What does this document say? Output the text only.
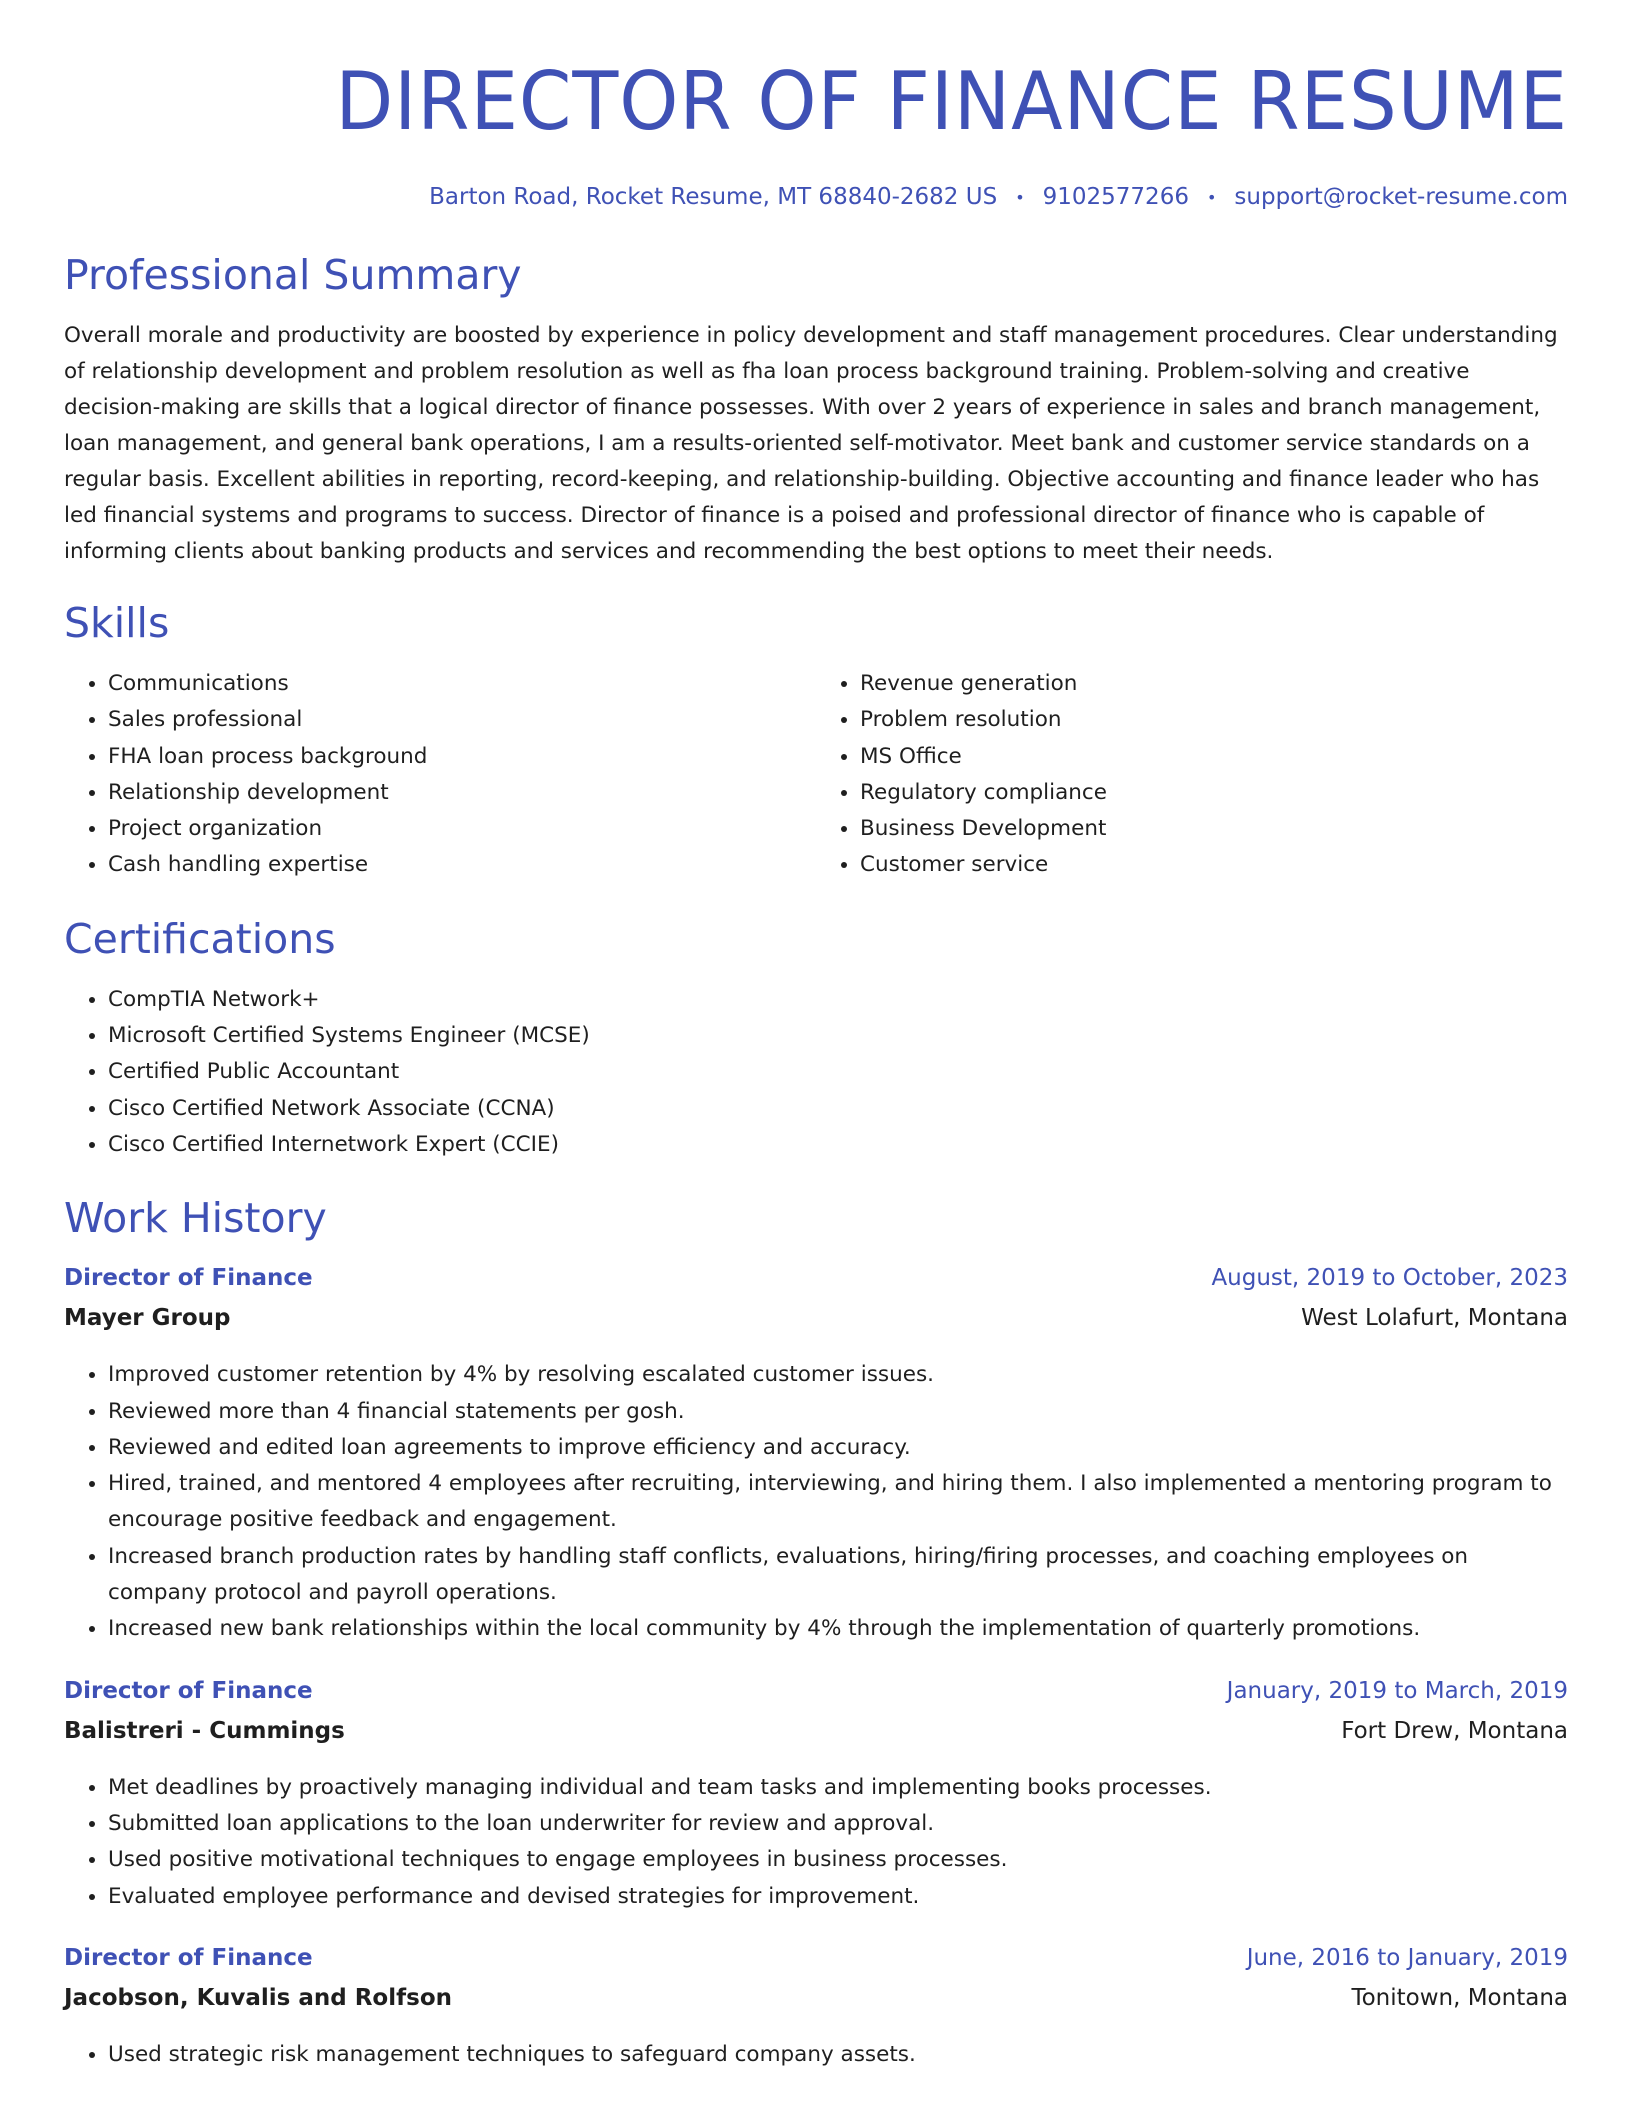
DIRECTOR OF FINANCE RESUME
Barton Road, Rocket Resume, MT 68840-2682 US • 9102577266 • support@rocket-resume.com
Professional Summary
Overall morale and productivity are boosted by experience in policy development and staff management procedures. Clear understanding of relationship development and problem resolution as well as fha loan process background training. Problem-solving and creative decision-making are skills that a logical director of finance possesses. With over 2 years of experience in sales and branch management, loan management, and general bank operations, I am a results-oriented self-motivator. Meet bank and customer service standards on a regular basis. Excellent abilities in reporting, record-keeping, and relationship-building. Objective accounting and finance leader who has led financial systems and programs to success. Director of finance is a poised and professional director of finance who is capable of informing clients about banking products and services and recommending the best options to meet their needs.
Skills
• Communications
• Sales professional
• FHA loan process background
• Relationship development
• Project organization
• Cash handling expertise
• Revenue generation
• Problem resolution
• MS Office
• Regulatory compliance
• Business Development
• Customer service
Certifications
• CompTIA Network+
• Microsoft Certified Systems Engineer (MCSE)
• Certified Public Accountant
• Cisco Certified Network Associate (CCNA)
• Cisco Certified Internetwork Expert (CCIE)
Work History
Director of Finance	August, 2019 to October, 2023
Mayer Group	West Lolafurt, Montana
• Improved customer retention by 4% by resolving escalated customer issues.
• Reviewed more than 4 financial statements per gosh.
• Reviewed and edited loan agreements to improve efficiency and accuracy.
• Hired, trained, and mentored 4 employees after recruiting, interviewing, and hiring them. I also implemented a mentoring program to encourage positive feedback and engagement.
• Increased branch production rates by handling staff conflicts, evaluations, hiring/firing processes, and coaching employees on company protocol and payroll operations.
• Increased new bank relationships within the local community by 4% through the implementation of quarterly promotions.
Director of Finance	January, 2019 to March, 2019
Balistreri - Cummings	Fort Drew, Montana
• Met deadlines by proactively managing individual and team tasks and implementing books processes.
• Submitted loan applications to the loan underwriter for review and approval.
• Used positive motivational techniques to engage employees in business processes.
• Evaluated employee performance and devised strategies for improvement.
Director of Finance	June, 2016 to January, 2019
Jacobson, Kuvalis and Rolfson	Tonitown, Montana
• Used strategic risk management techniques to safeguard company assets.
